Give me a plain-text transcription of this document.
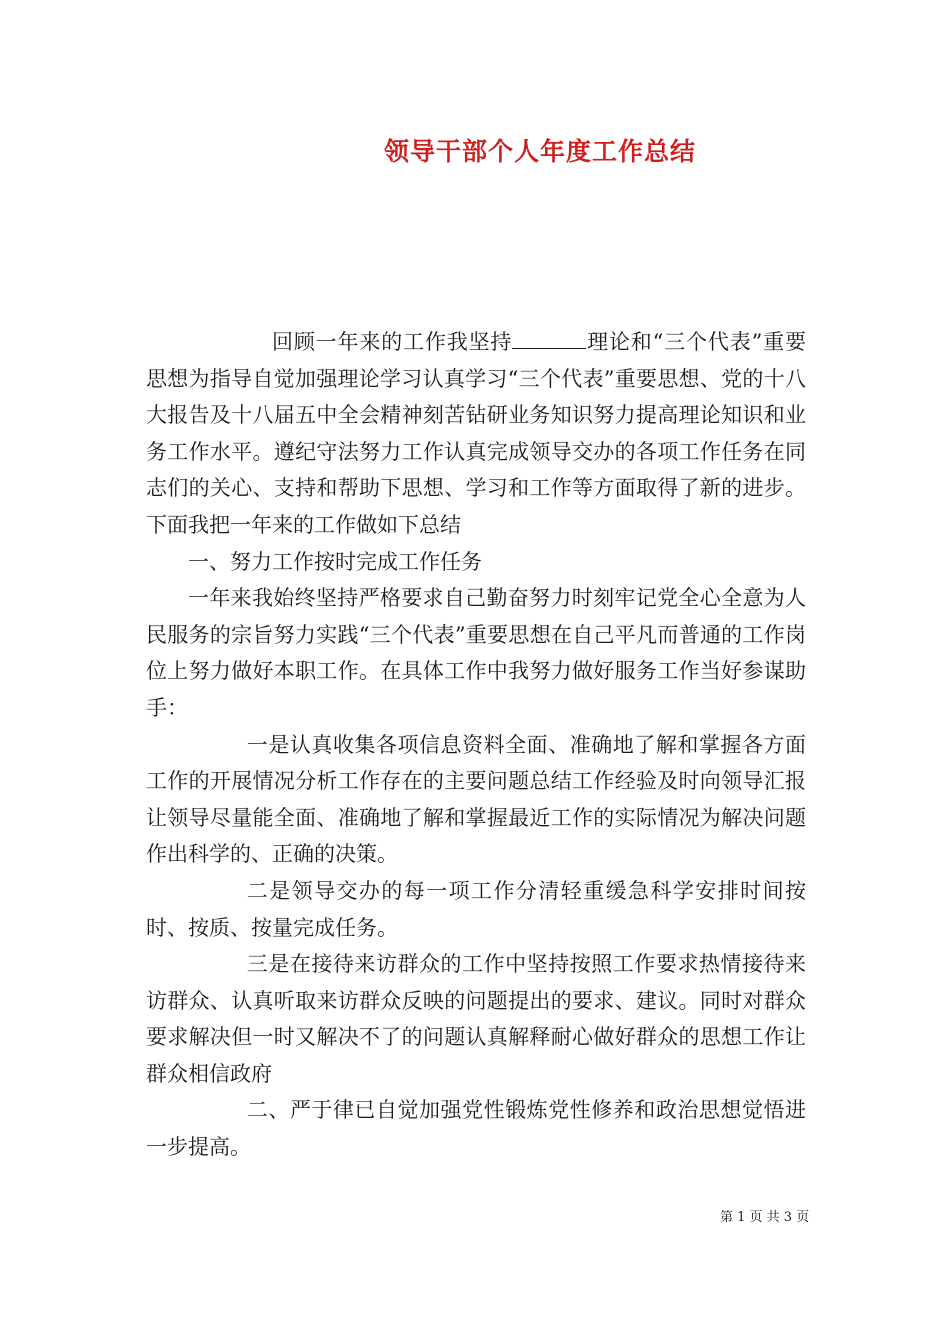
领导干部个人年度工作总结

回顾一年来的工作我坚持	理论和“三个代表”重要思想为指导自觉加强理论学习认真学习“三个代表”重要思想、党的十八大报告及十八届五中全会精神刻苦钻研业务知识努力提高理论知识和业务工作水平。遵纪守法努力工作认真完成领导交办的各项工作任务在同志们的关心、支持和帮助下思想、学习和工作等方面取得了新的进步。下面我把一年来的工作做如下总结

一、努力工作按时完成工作任务

一年来我始终坚持严格要求自己勤奋努力时刻牢记党全心全意为人民服务的宗旨努力实践“三个代表”重要思想在自己平凡而普通的工作岗位上努力做好本职工作。在具体工作中我努力做好服务工作当好参谋助手：

一是认真收集各项信息资料全面、准确地了解和掌握各方面工作的开展情况分析工作存在的主要问题总结工作经验及时向领导汇报让领导尽量能全面、准确地了解和掌握最近工作的实际情况为解决问题作出科学的、正确的决策。

二是领导交办的每一项工作分清轻重缓急科学安排时间按时、按质、按量完成任务。

三是在接待来访群众的工作中坚持按照工作要求热情接待来访群众、认真听取来访群众反映的问题提出的要求、建议。同时对群众要求解决但一时又解决不了的问题认真解释耐心做好群众的思想工作让群众相信政府

二、严于律已自觉加强党性锻炼党性修养和政治思想觉悟进一步提高。

第 1 页 共 3 页
